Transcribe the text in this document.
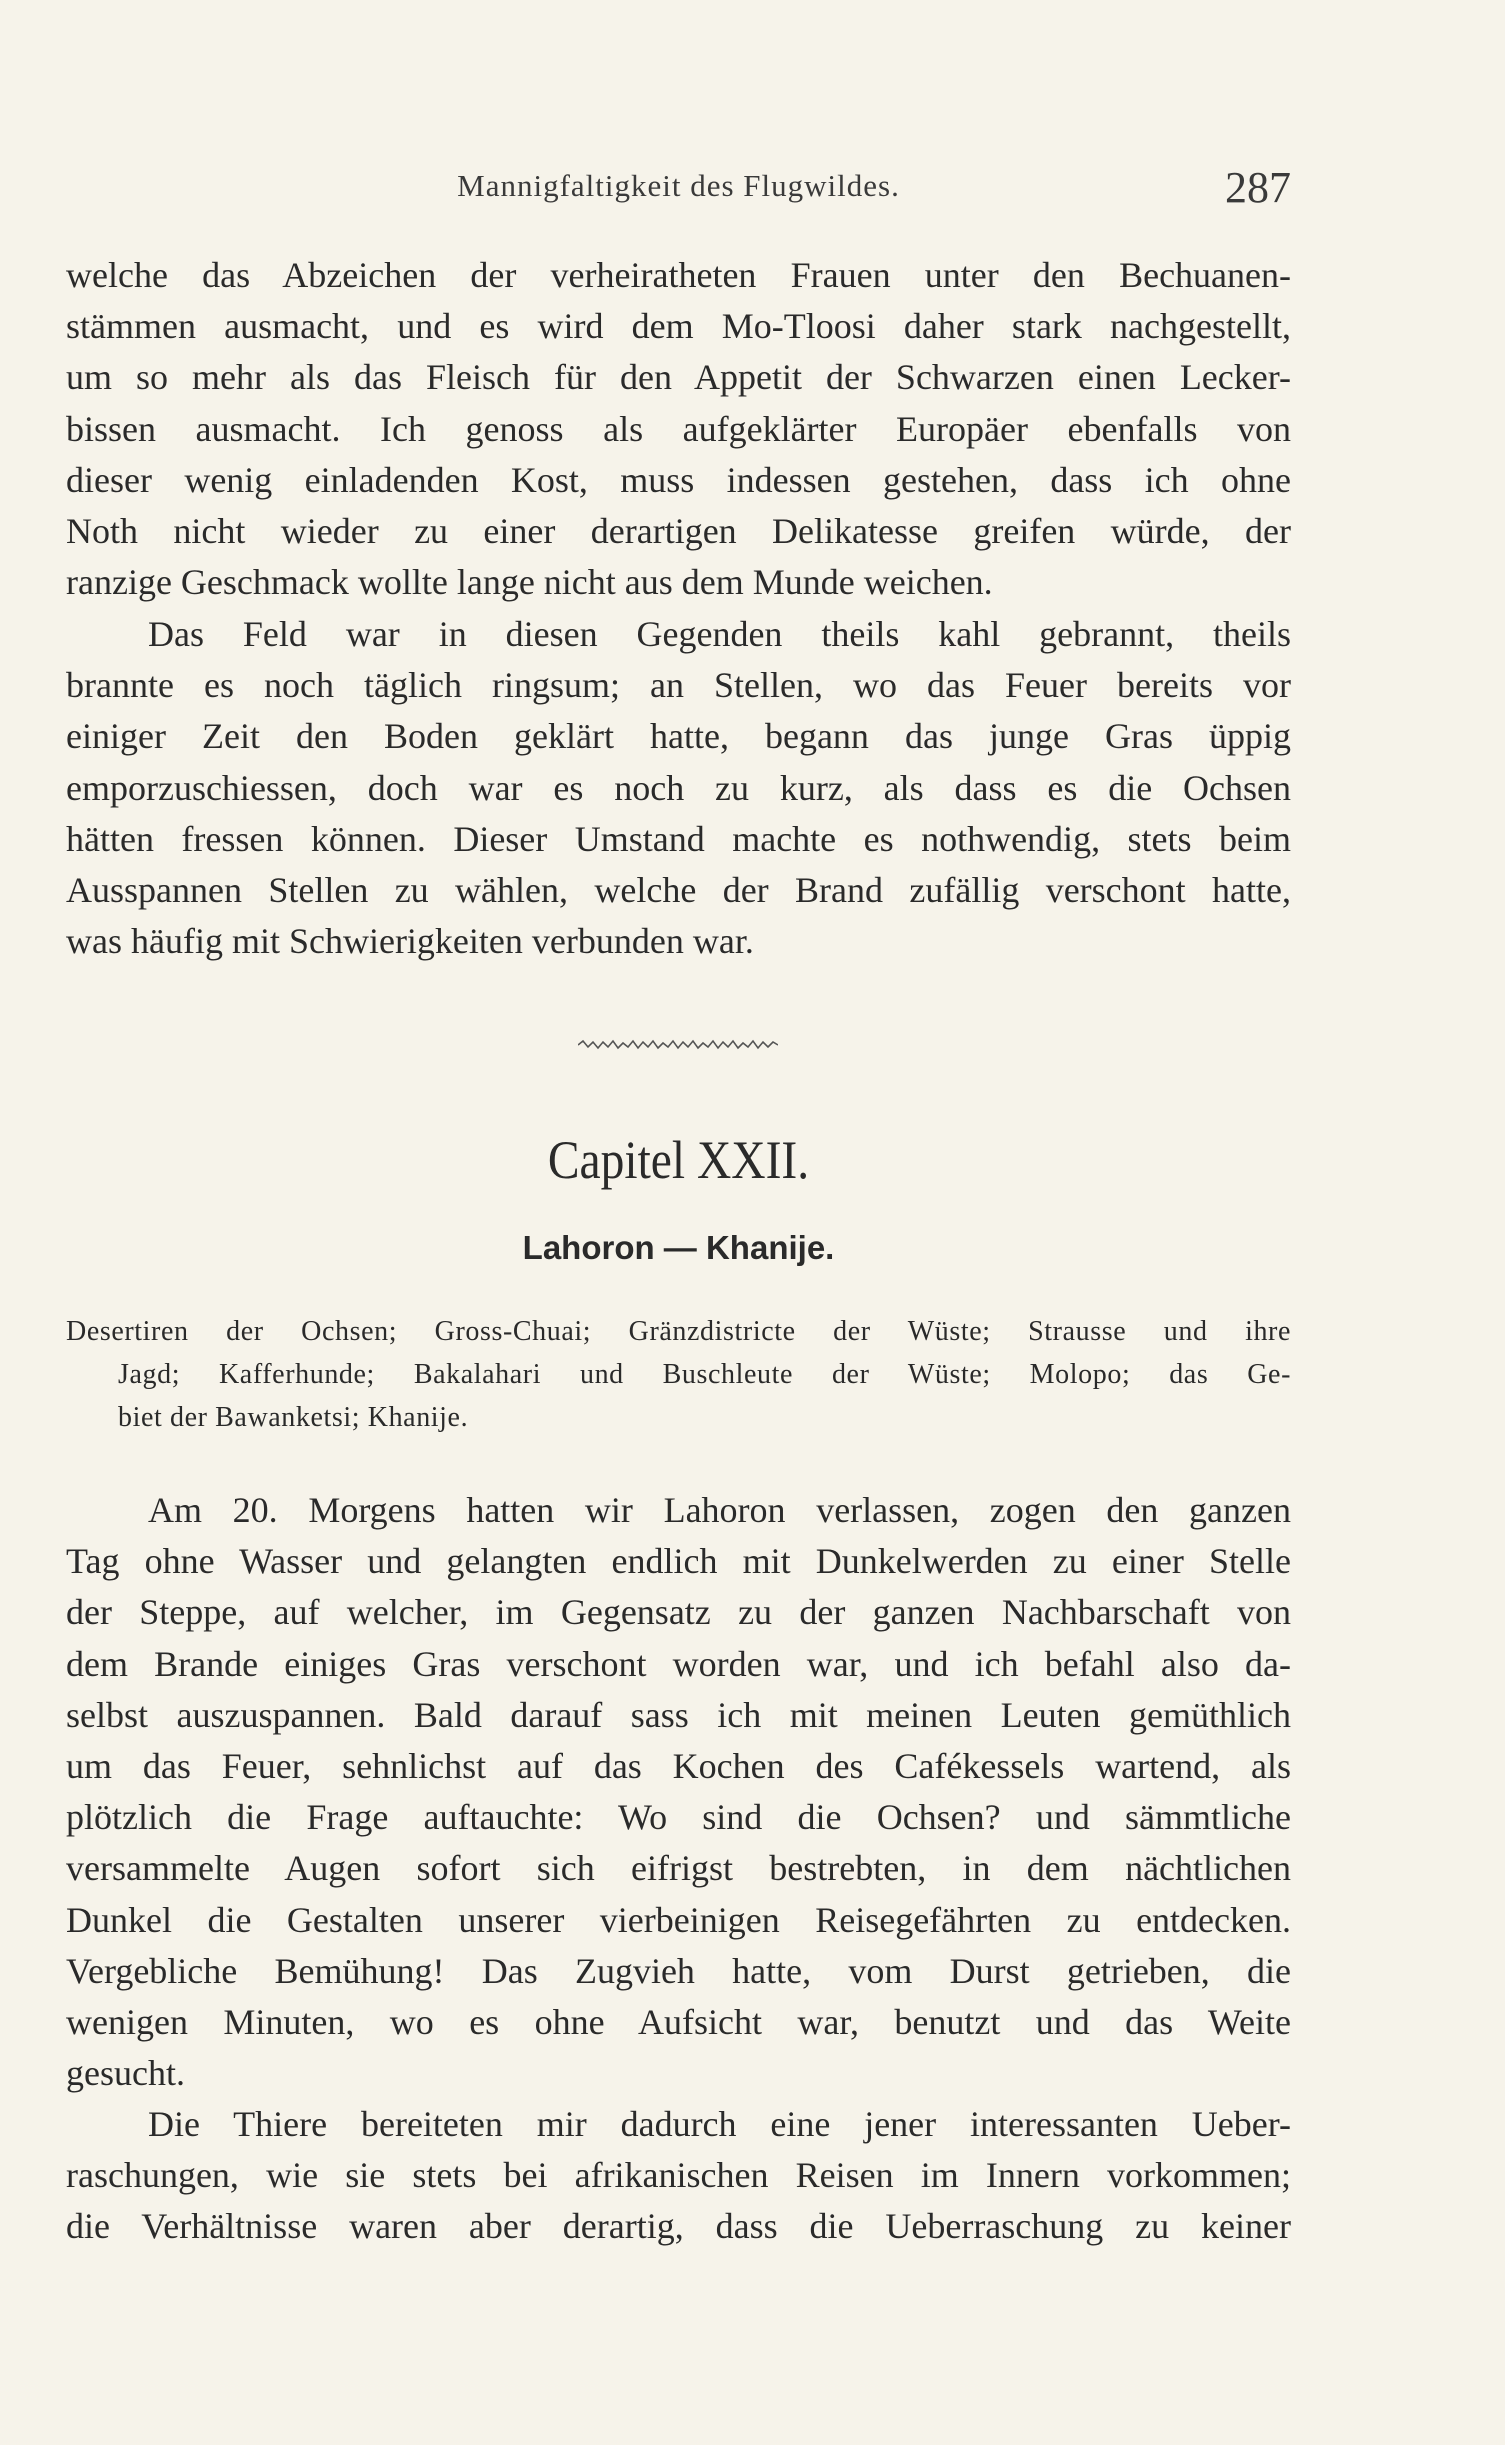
Mannigfaltigkeit des Flugwildes.	287
welche das Abzeichen der verheiratheten Frauen unter den Bechuanen-
stämmen ausmacht, und es wird dem Mo-Tloosi daher stark nachgestellt,
um so mehr als das Fleisch für den Appetit der Schwarzen einen Lecker-
bissen ausmacht. Ich genoss als aufgeklärter Europäer ebenfalls von
dieser wenig einladenden Kost, muss indessen gestehen, dass ich ohne
Noth nicht wieder zu einer derartigen Delikatesse greifen würde, der
ranzige Geschmack wollte lange nicht aus dem Munde weichen.
Das Feld war in diesen Gegenden theils kahl gebrannt, theils
brannte es noch täglich ringsum; an Stellen, wo das Feuer bereits vor
einiger Zeit den Boden geklärt hatte, begann das junge Gras üppig
emporzuschiessen, doch war es noch zu kurz, als dass es die Ochsen
hätten fressen können. Dieser Umstand machte es nothwendig, stets beim
Ausspannen Stellen zu wählen, welche der Brand zufällig verschont hatte,
was häufig mit Schwierigkeiten verbunden war.
Capitel XXII.
Lahoron — Khanije.
Desertiren der Ochsen; Gross-Chuai; Gränzdistricte der Wüste; Strausse und ihre
Jagd; Kafferhunde; Bakalahari und Buschleute der Wüste; Molopo; das Ge-
biet der Bawanketsi; Khanije.
Am 20. Morgens hatten wir Lahoron verlassen, zogen den ganzen
Tag ohne Wasser und gelangten endlich mit Dunkelwerden zu einer Stelle
der Steppe, auf welcher, im Gegensatz zu der ganzen Nachbarschaft von
dem Brande einiges Gras verschont worden war, und ich befahl also da-
selbst auszuspannen. Bald darauf sass ich mit meinen Leuten gemüthlich
um das Feuer, sehnlichst auf das Kochen des Cafékessels wartend, als
plötzlich die Frage auftauchte: Wo sind die Ochsen? und sämmtliche
versammelte Augen sofort sich eifrigst bestrebten, in dem nächtlichen
Dunkel die Gestalten unserer vierbeinigen Reisegefährten zu entdecken.
Vergebliche Bemühung! Das Zugvieh hatte, vom Durst getrieben, die
wenigen Minuten, wo es ohne Aufsicht war, benutzt und das Weite
gesucht.
Die Thiere bereiteten mir dadurch eine jener interessanten Ueber-
raschungen, wie sie stets bei afrikanischen Reisen im Innern vorkommen;
die Verhältnisse waren aber derartig, dass die Ueberraschung zu keiner
